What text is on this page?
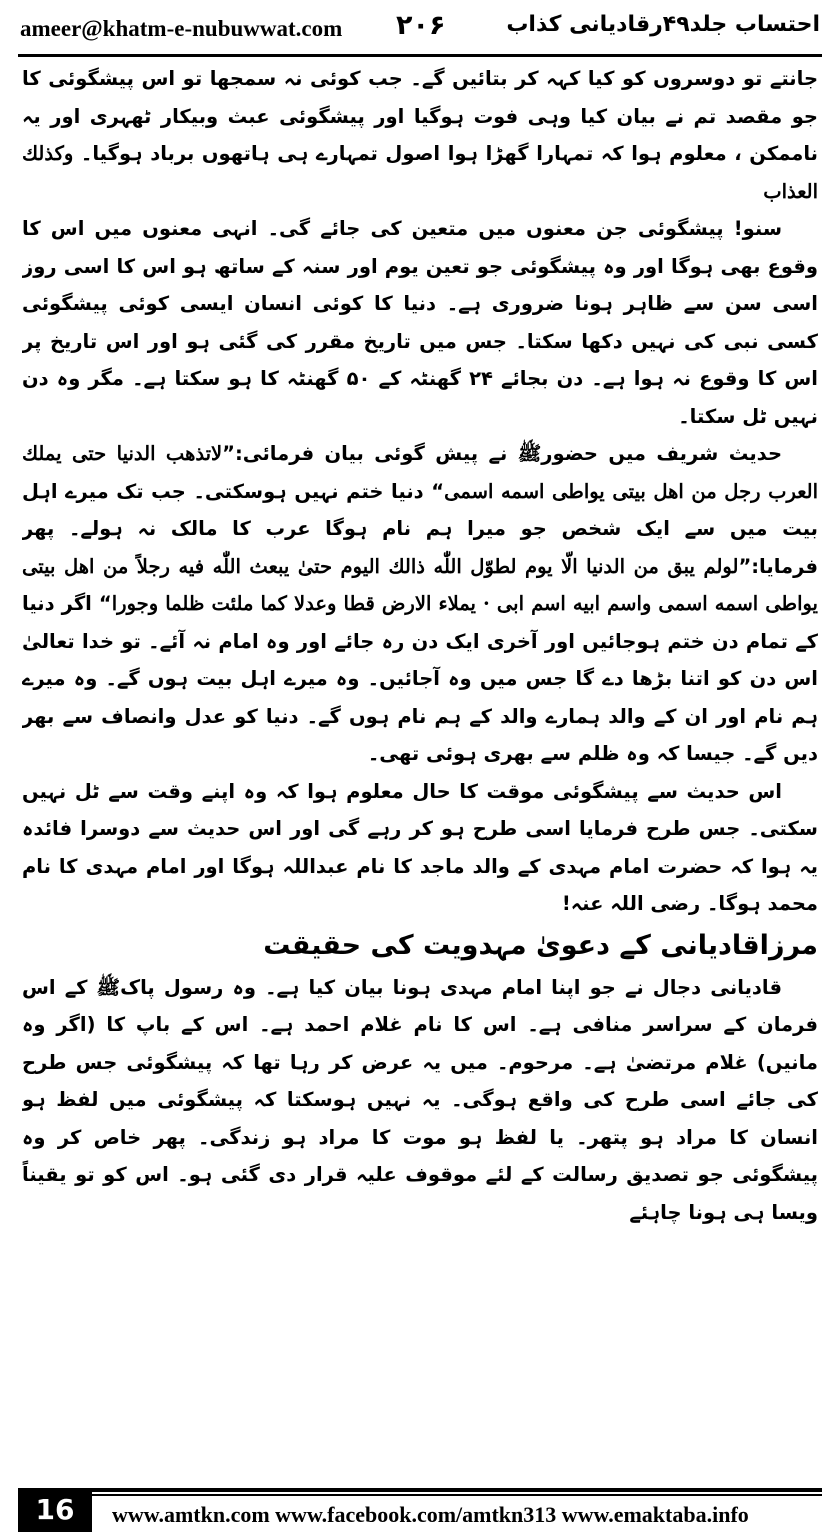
ameer@khatm-e-nubuwwat.com ۲۰۶	احتساب جلد۴۹رقادیانی کذاب

جانتے تو دوسروں کو کیا کہہ کر بتائیں گے۔ جب کوئی نہ سمجھا تو اس پیشگوئی کا جو مقصد تم نے بیان کیا وہی فوت ہوگیا اور پیشگوئی عبث وبیکار ٹھہری اور یہ ناممکن ، معلوم ہوا کہ تمہارا گھڑا ہوا اصول تمہارے ہی ہاتھوں برباد ہوگیا۔ وكذلك العذاب

سنو! پیشگوئی جن معنوں میں متعین کی جائے گی۔ انہی معنوں میں اس کا وقوع بھی ہوگا اور وہ پیشگوئی جو تعین یوم اور سنہ کے ساتھ ہو اس کا اسی روز اسی سن سے ظاہر ہونا ضروری ہے۔ دنیا کا کوئی انسان ایسی کوئی پیشگوئی کسی نبی کی نہیں دکھا سکتا۔ جس میں تاریخ مقرر کی گئی ہو اور اس تاریخ پر اس کا وقوع نہ ہوا ہے۔ دن بجائے ۲۴ گھنٹہ کے ۵۰ گھنٹہ کا ہو سکتا ہے۔ مگر وہ دن نہیں ٹل سکتا۔

حدیث شریف میں حضورﷺ نے پیش گوئی بیان فرمائی:”لاتذهب الدنيا حتى يملك العرب رجل من اهل بيتى يواطى اسمه اسمى“ دنیا ختم نہیں ہوسکتی۔ جب تک میرے اہل بیت میں سے ایک شخص جو میرا ہم نام ہوگا عرب کا مالک نہ ہولے۔ پھر فرمایا:”لولم يبق من الدنيا الّا يوم لطوّل اللّٰه ذالك اليوم حتىٰ يبعث اللّٰه فيه رجلاً من اهل بيتى يواطى اسمه اسمى واسم ابيه اسم ابى · يملاء الارض قطا وعدلا كما ملئت ظلما وجورا“ اگر دنیا کے تمام دن ختم ہوجائیں اور آخری ایک دن رہ جائے اور وہ امام نہ آئے۔ تو خدا تعالیٰ اس دن کو اتنا بڑھا دے گا جس میں وہ آجائیں۔ وہ میرے اہل بیت ہوں گے۔ وہ میرے ہم نام اور ان کے والد ہمارے والد کے ہم نام ہوں گے۔ دنیا کو عدل وانصاف سے بھر دیں گے۔ جیسا کہ وہ ظلم سے بھری ہوئی تھی۔

اس حدیث سے پیشگوئی موقت کا حال معلوم ہوا کہ وہ اپنے وقت سے ٹل نہیں سکتی۔ جس طرح فرمایا اسی طرح ہو کر رہے گی اور اس حدیث سے دوسرا فائدہ یہ ہوا کہ حضرت امام مہدی کے والد ماجد کا نام عبداللہ ہوگا اور امام مہدی کا نام محمد ہوگا۔ رضی اللہ عنہ!

مرزاقادیانی کے دعویٰ مہدویت کی حقیقت

قادیانی دجال نے جو اپنا امام مہدی ہونا بیان کیا ہے۔ وہ رسول پاکﷺ کے اس فرمان کے سراسر منافی ہے۔ اس کا نام غلام احمد ہے۔ اس کے باپ کا (اگر وہ مانیں) غلام مرتضیٰ ہے۔ مرحوم۔ میں یہ عرض کر رہا تھا کہ پیشگوئی جس طرح کی جائے اسی طرح کی واقع ہوگی۔ یہ نہیں ہوسکتا کہ پیشگوئی میں لفظ ہو انسان کا مراد ہو پتھر۔ یا لفظ ہو موت کا مراد ہو زندگی۔ پھر خاص کر وہ پیشگوئی جو تصدیق رسالت کے لئے موقوف علیہ قرار دی گئی ہو۔ اس کو تو یقیناً ویسا ہی ہونا چاہئے

16	www.amtkn.com www.facebook.com/amtkn313 www.emaktaba.info
